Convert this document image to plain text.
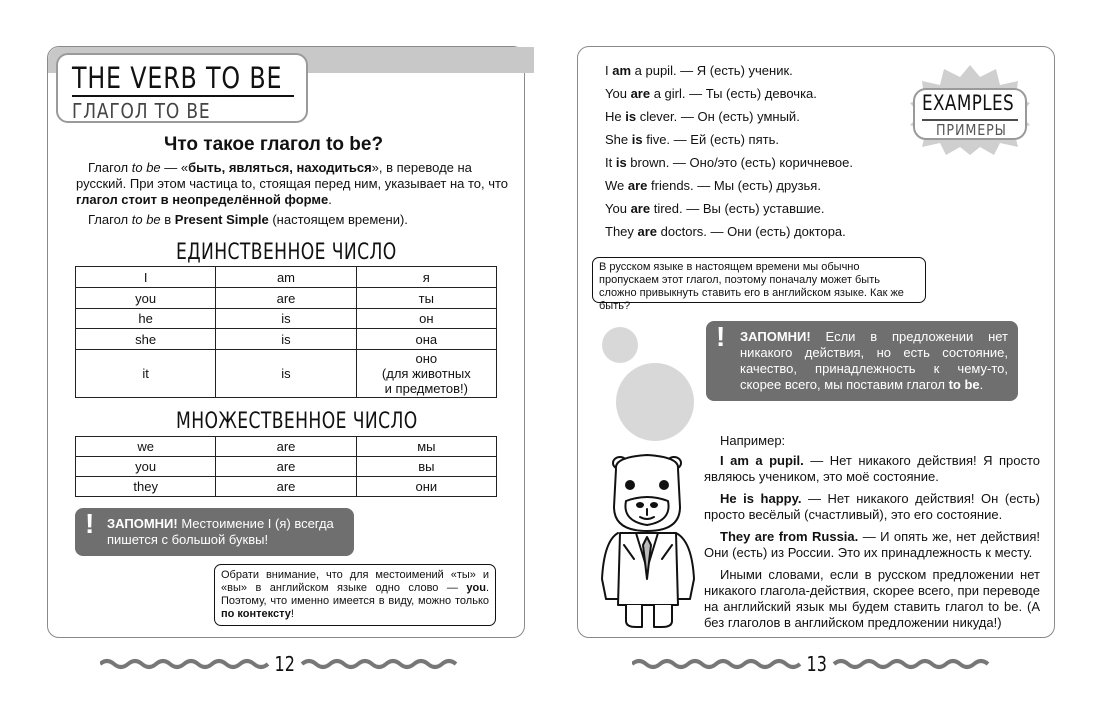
THE VERB TO BE
ГЛАГОЛ TO BE
Что такое глагол to be?
Глагол to be — «быть, являться, находиться», в переводе на русский. При этом частица to, стоящая перед ним, указывает на то, что глагол стоит в неопределённой форме.
Глагол to be в Present Simple (настоящем времени).
ЕДИНСТВЕННОЕ ЧИСЛО
I	am	я
you	are	ты
he	is	он
she	is	она
it	is	оно
(для животных
и предметов!)
МНОЖЕСТВЕННОЕ ЧИСЛО
we	are	мы
you	are	вы
they	are	они
! ЗАПОМНИ! Местоимение I (я) всегда пишется с большой буквы!
Обрати внимание, что для местоимений «ты» и «вы» в английском языке одно слово — you. Поэтому, что именно имеется в виду, можно только по контексту!
I am a pupil. — Я (есть) ученик.
You are a girl. — Ты (есть) девочка.
He is clever. — Он (есть) умный.
She is five. — Ей (есть) пять.
It is brown. — Оно/это (есть) коричневое.
We are friends. — Мы (есть) друзья.
You are tired. — Вы (есть) уставшие.
They are doctors. — Они (есть) доктора.
EXAMPLES
ПРИМЕРЫ
В русском языке в настоящем времени мы обычно пропускаем этот глагол, поэтому поначалу может быть сложно привыкнуть ставить его в английском языке. Как же быть?
! ЗАПОМНИ! Если в предложении нет никакого действия, но есть состояние, качество, принадлежность к чему-то, скорее всего, мы поставим глагол to be.
Например:
I am a pupil. — Нет никакого действия! Я просто являюсь учеником, это моё состояние.
He is happy. — Нет никакого действия! Он (есть) просто весёлый (счастливый), это его состояние.
They are from Russia. — И опять же, нет действия! Они (есть) из России. Это их принадлежность к месту.
Иными словами, если в русском предложении нет никакого глагола-действия, скорее всего, при переводе на английский язык мы будем ставить глагол to be. (А без глаголов в английском предложении никуда!)
12	13
